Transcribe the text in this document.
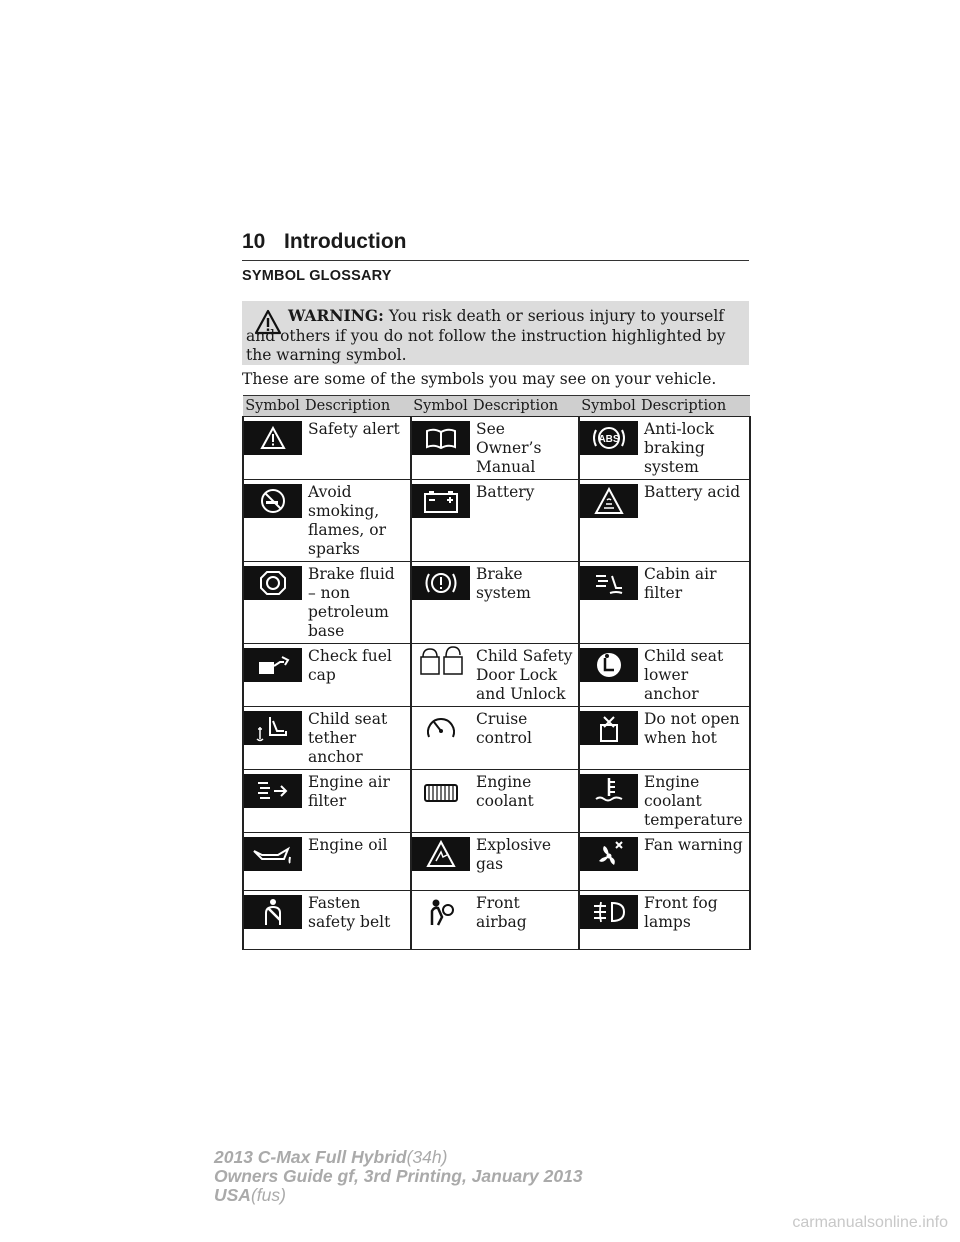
10 Introduction
SYMBOL GLOSSARY
WARNING: You risk death or serious injury to yourself and others if you do not follow the instruction highlighted by the warning symbol.
These are some of the symbols you may see on your vehicle.
Symbol	Description	Symbol	Description	Symbol	Description

	Safety alert		See Owner’s Manual	ABS	Anti-lock braking system

	Avoid smoking, flames, or sparks		Battery		Battery acid

	Brake fluid – non petroleum base		Brake system		Cabin air filter

	Check fuel cap		Child Safety Door Lock and Unlock		Child seat lower anchor

	Child seat tether anchor		Cruise control		Do not open when hot

	Engine air filter		Engine coolant		Engine coolant temperature

	Engine oil		Explosive gas		Fan warning

	Fasten safety belt		Front airbag		Front fog lamps
2013 C-Max Full Hybrid(34h)
Owners Guide gf, 3rd Printing, January 2013
USA(fus)
carmanualsonline.info
